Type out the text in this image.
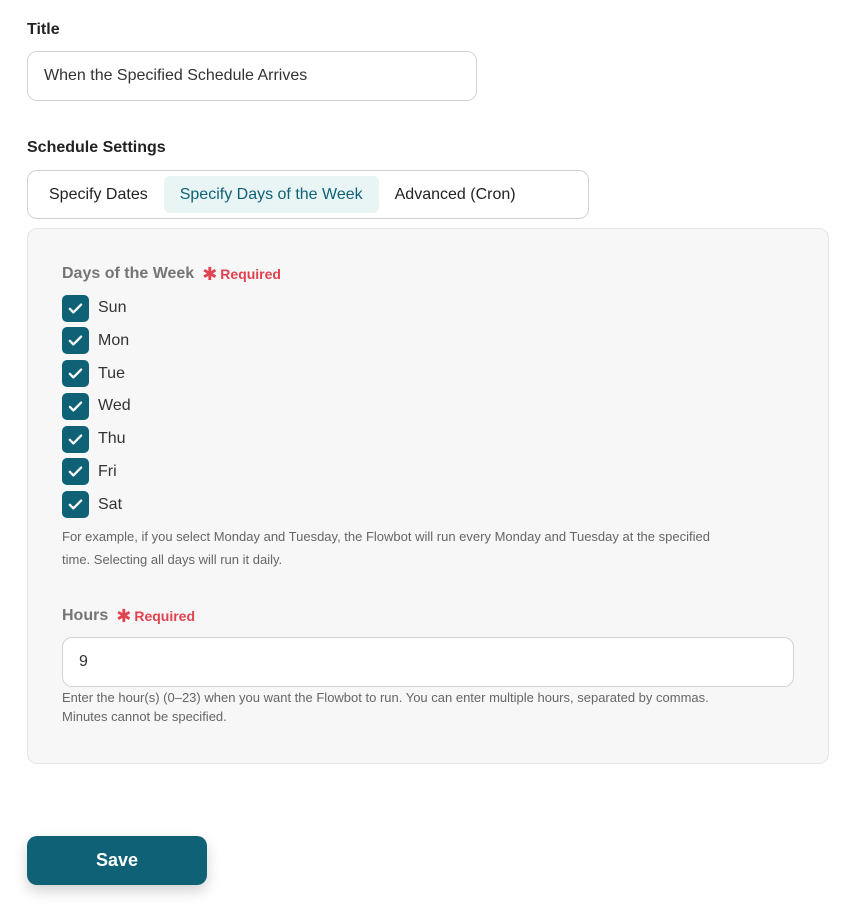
Title
When the Specified Schedule Arrives
Schedule Settings
Specify Dates	Specify Days of the Week	Advanced (Cron)
Days of the Week ✱ Required
Sun
Mon
Tue
Wed
Thu
Fri
Sat
For example, if you select Monday and Tuesday, the Flowbot will run every Monday and Tuesday at the specified
time. Selecting all days will run it daily.
Hours ✱ Required
9
Enter the hour(s) (0–23) when you want the Flowbot to run. You can enter multiple hours, separated by commas.
Minutes cannot be specified.
Save
